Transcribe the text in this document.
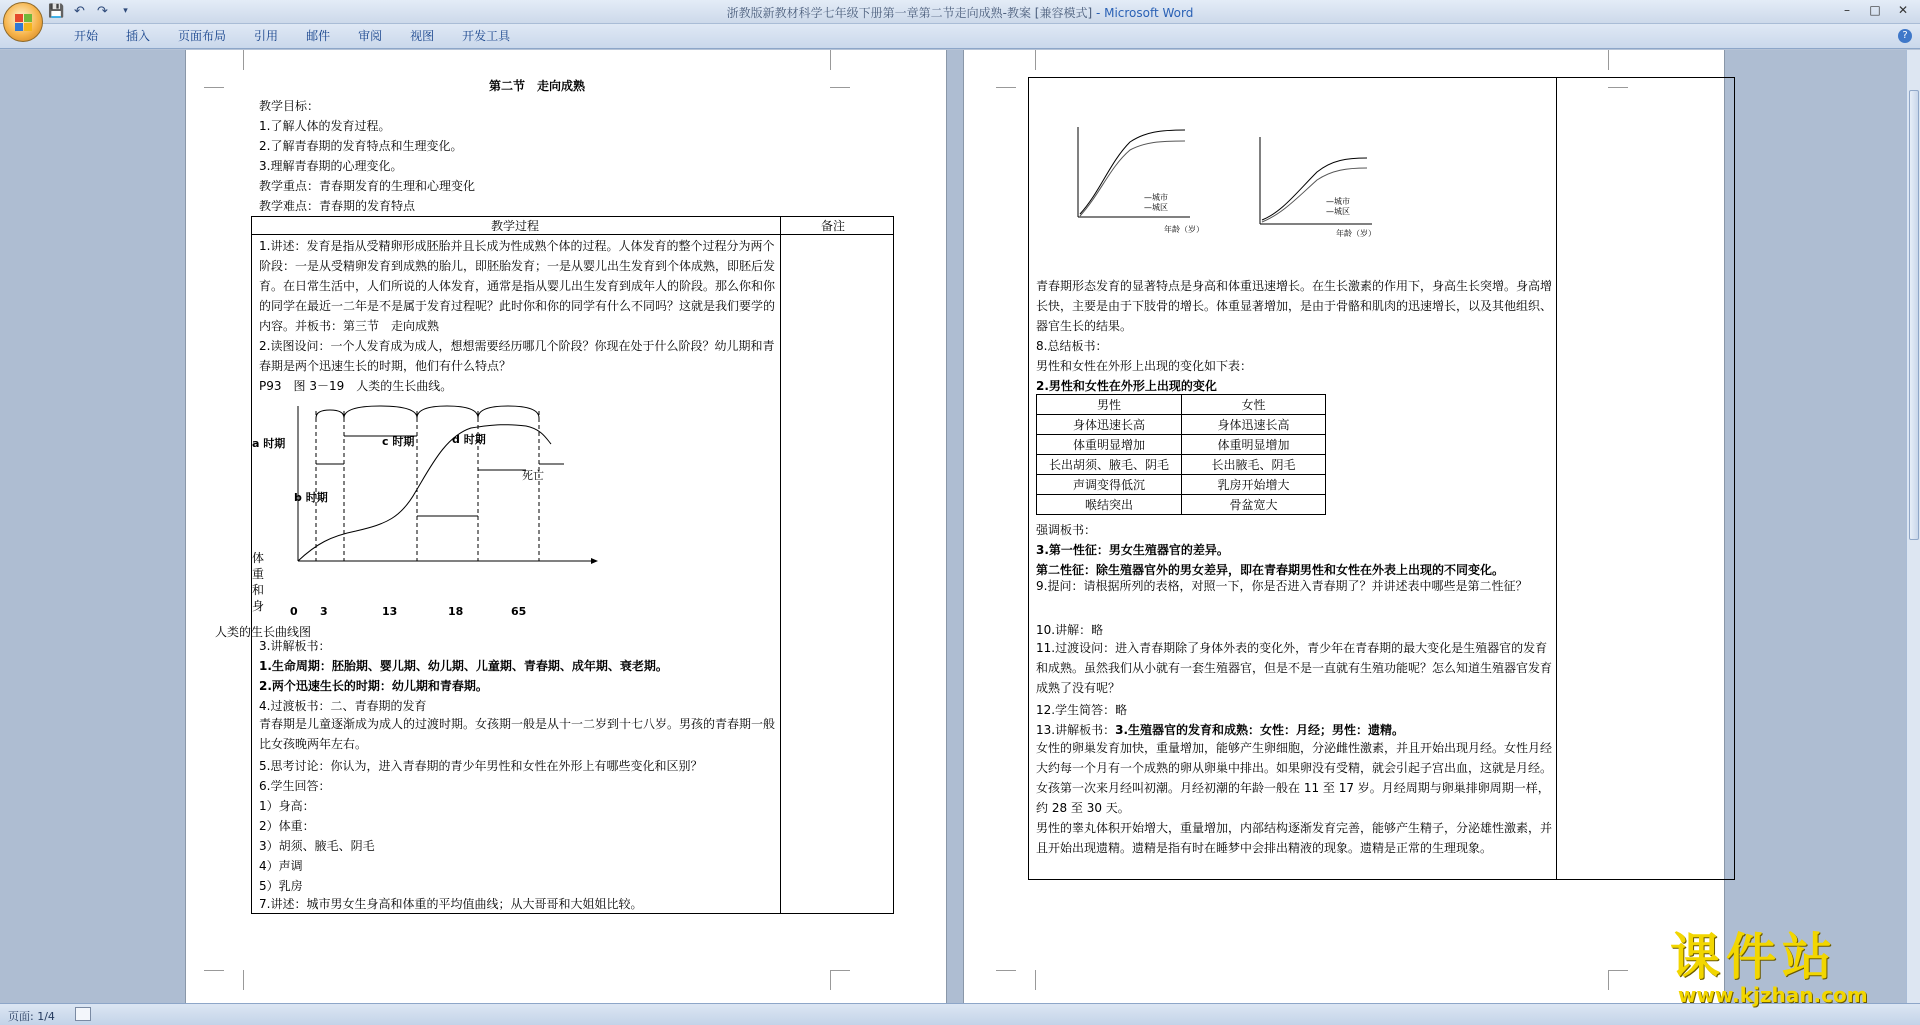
💾 ↶ ↷	▾	浙教版新教材科学七年级下册第一章第二节走向成熟-教案 [兼容模式] - Microsoft Word	–	□	✕
开始	插入	页面布局	引用	邮件	审阅	视图	开发工具	?
第二节　走向成熟
教学目标：
1.了解人体的发育过程。
2.了解青春期的发育特点和生理变化。
3.理解青春期的心理变化。
教学重点：青春期发育的生理和心理变化
教学难点：青春期的发育特点
教学过程	备注
1.讲述：发育是指从受精卵形成胚胎并且长成为性成熟个体的过程。人体发育的整个过程分为两个阶段：一是从受精卵发育到成熟的胎儿，即胚胎发育；一是从婴儿出生发育到个体成熟，即胚后发育。在日常生活中，人们所说的人体发育，通常是指从婴儿出生发育到成年人的阶段。那么你和你的同学在最近一二年是不是属于发育过程呢？此时你和你的同学有什么不同吗？这就是我们要学的内容。并板书：第三节　走向成熟
2.读图设问：一个人发育成为成人，想想需要经历哪几个阶段？你现在处于什么阶段？幼儿期和青春期是两个迅速生长的时期，他们有什么特点？
P93　图 3－19　人类的生长曲线。
a 时期
b 时期
c 时期	d 时期
死亡
体
重
和
身 0 3	13	18	65
人类的生长曲线图
3.讲解板书：
1.生命周期：胚胎期、婴儿期、幼儿期、儿童期、青春期、成年期、衰老期。
2.两个迅速生长的时期：幼儿期和青春期。
4.过渡板书：二、青春期的发育
青春期是儿童逐渐成为成人的过渡时期。女孩期一般是从十一二岁到十七八岁。男孩的青春期一般比女孩晚两年左右。
5.思考讨论：你认为，进入青春期的青少年男性和女性在外形上有哪些变化和区别？
6.学生回答：
1）身高：
2）体重：
3）胡须、腋毛、阴毛
4）声调
5）乳房
7.讲述：城市男女生身高和体重的平均值曲线；从大哥哥和大姐姐比较。
—城市
—城区
年龄（岁）
—城市
—城区
年龄（岁）
青春期形态发育的显著特点是身高和体重迅速增长。在生长激素的作用下，身高生长突增。身高增长快，主要是由于下肢骨的增长。体重显著增加，是由于骨骼和肌肉的迅速增长，以及其他组织、器官生长的结果。
8.总结板书：
男性和女性在外形上出现的变化如下表：
2.男性和女性在外形上出现的变化
男性	女性
身体迅速长高	身体迅速长高
体重明显增加	体重明显增加
长出胡须、腋毛、阴毛	长出腋毛、阴毛
声调变得低沉	乳房开始增大
喉结突出	骨盆宽大
强调板书：
3.第一性征：男女生殖器官的差异。
第二性征：除生殖器官外的男女差异，即在青春期男性和女性在外表上出现的不同变化。
9.提问：请根据所列的表格，对照一下，你是否进入青春期了？并讲述表中哪些是第二性征？
10.讲解：略
11.过渡设问：进入青春期除了身体外表的变化外，青少年在青春期的最大变化是生殖器官的发育和成熟。虽然我们从小就有一套生殖器官，但是不是一直就有生殖功能呢？怎么知道生殖器官发育成熟了没有呢？
12.学生简答：略
13.讲解板书：3.生殖器官的发育和成熟：女性：月经；男性：遗精。
女性的卵巢发育加快，重量增加，能够产生卵细胞，分泌雌性激素，并且开始出现月经。女性月经大约每一个月有一个成熟的卵从卵巢中排出。如果卵没有受精，就会引起子宫出血，这就是月经。女孩第一次来月经叫初潮。月经初潮的年龄一般在 11 至 17 岁。月经周期与卵巢排卵周期一样，约 28 至 30 天。
男性的睾丸体积开始增大，重量增加，内部结构逐渐发育完善，能够产生精子，分泌雄性激素，并且开始出现遗精。遗精是指有时在睡梦中会排出精液的现象。遗精是正常的生理现象。
页面: 1/4
课件站
www.kjzhan.com
